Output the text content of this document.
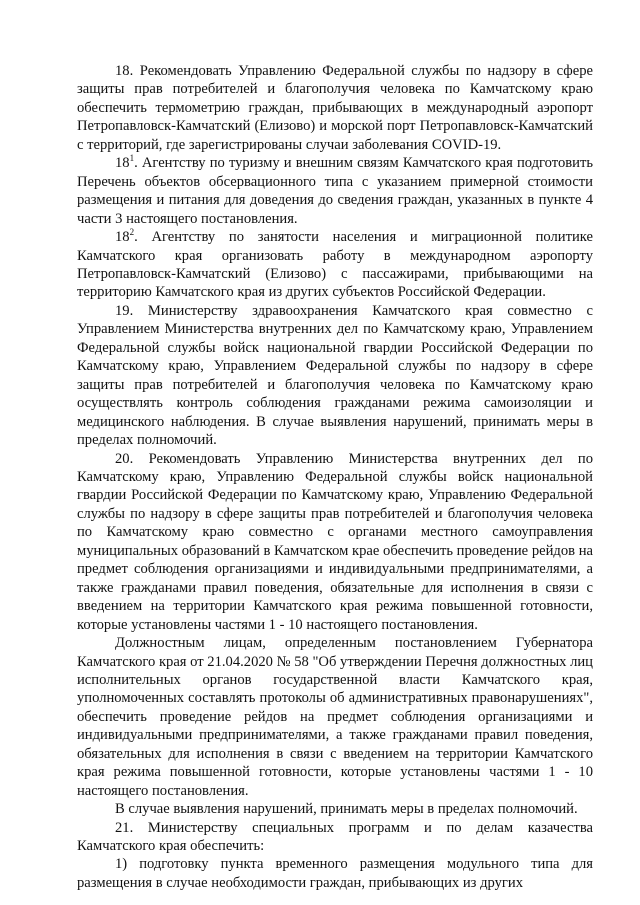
18. Рекомендовать Управлению Федеральной службы по надзору в сфере защиты прав потребителей и благополучия человека по Камчатскому краю обеспечить термометрию граждан, прибывающих в международный аэропорт Петропавловск-Камчатский (Елизово) и морской порт Петропавловск-Камчатский с территорий, где зарегистрированы случаи заболевания COVID-19.

$18^1$. Агентству по туризму и внешним связям Камчатского края подготовить Перечень объектов обсервационного типа с указанием примерной стоимости размещения и питания для доведения до сведения граждан, указанных в пункте 4 части 3 настоящего постановления.

$18^2$. Агентству по занятости населения и миграционной политике Камчатского края организовать работу в международном аэропорту Петропавловск-Камчатский (Елизово) с пассажирами, прибывающими на территорию Камчатского края из других субъектов Российской Федерации.

19. Министерству здравоохранения Камчатского края совместно с Управлением Министерства внутренних дел по Камчатскому краю, Управлением Федеральной службы войск национальной гвардии Российской Федерации по Камчатскому краю, Управлением Федеральной службы по надзору в сфере защиты прав потребителей и благополучия человека по Камчатскому краю осуществлять контроль соблюдения гражданами режима самоизоляции и медицинского наблюдения. В случае выявления нарушений, принимать меры в пределах полномочий.

20. Рекомендовать Управлению Министерства внутренних дел по Камчатскому краю, Управлению Федеральной службы войск национальной гвардии Российской Федерации по Камчатскому краю, Управлению Федеральной службы по надзору в сфере защиты прав потребителей и благополучия человека по Камчатскому краю совместно с органами местного самоуправления муниципальных образований в Камчатском крае обеспечить проведение рейдов на предмет соблюдения организациями и индивидуальными предпринимателями, а также гражданами правил поведения, обязательные для исполнения в связи с введением на территории Камчатского края режима повышенной готовности, которые установлены частями 1 - 10 настоящего постановления.

Должностным лицам, определенным постановлением Губернатора Камчатского края от 21.04.2020 № 58 "Об утверждении Перечня должностных лиц исполнительных органов государственной власти Камчатского края, уполномоченных составлять протоколы об административных правонарушениях", обеспечить проведение рейдов на предмет соблюдения организациями и индивидуальными предпринимателями, а также гражданами правил поведения, обязательных для исполнения в связи с введением на территории Камчатского края режима повышенной готовности, которые установлены частями 1 - 10 настоящего постановления.

В случае выявления нарушений, принимать меры в пределах полномочий.

21. Министерству специальных программ и по делам казачества Камчатского края обеспечить:

1) подготовку пункта временного размещения модульного типа для размещения в случае необходимости граждан, прибывающих из других
